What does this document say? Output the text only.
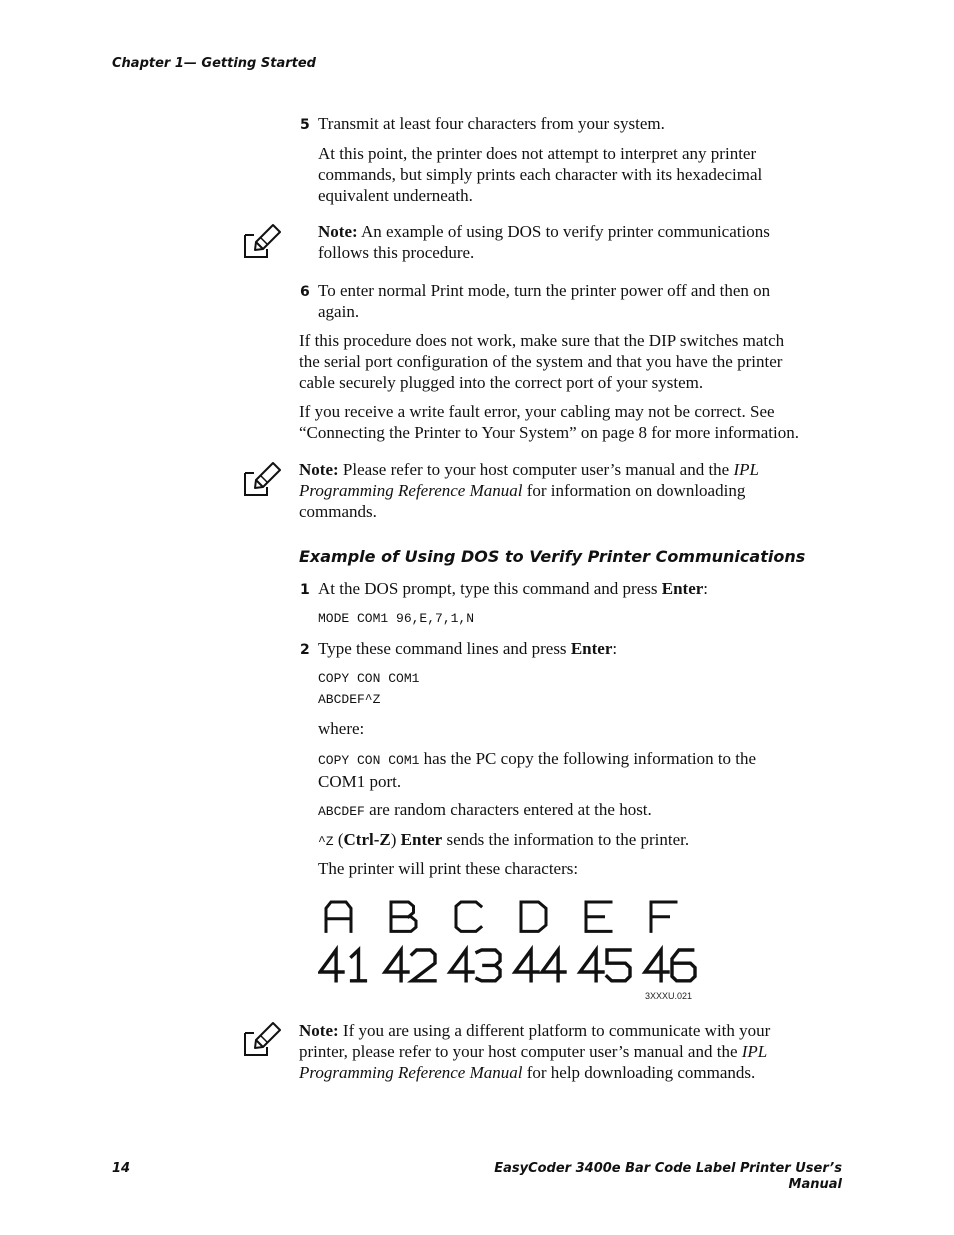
Chapter 1— Getting Started
5 Transmit at least four characters from your system.

At this point, the printer does not attempt to interpret any printer

commands, but simply prints each character with its hexadecimal

equivalent underneath.

Note: An example of using DOS to verify printer communications

follows this procedure.

6 To enter normal Print mode, turn the printer power off and then on

again.

If this procedure does not work, make sure that the DIP switches match

the serial port configuration of the system and that you have the printer

cable securely plugged into the correct port of your system.

If you receive a write fault error, your cabling may not be correct. See

“Connecting the Printer to Your System” on page 8 for more information.

Note: Please refer to your host computer user’s manual and the IPL

Programming Reference Manual for information on downloading

commands.

Example of Using DOS to Verify Printer Communications
1 At the DOS prompt, type this command and press Enter:

MODE COM1 96,E,7,1,N
2 Type these command lines and press Enter:

COPY CON COM1
ABCDEF^Z
where:

COPY CON COM1 has the PC copy the following information to the

COM1 port.

ABCDEF are random characters entered at the host.

^Z (Ctrl-Z) Enter sends the information to the printer.

The printer will print these characters:
3XXXU.021

Note: If you are using a different platform to communicate with your

printer, please refer to your host computer user’s manual and the IPL

Programming Reference Manual for help downloading commands.

14	EasyCoder 3400e Bar Code Label Printer User’s Manual
